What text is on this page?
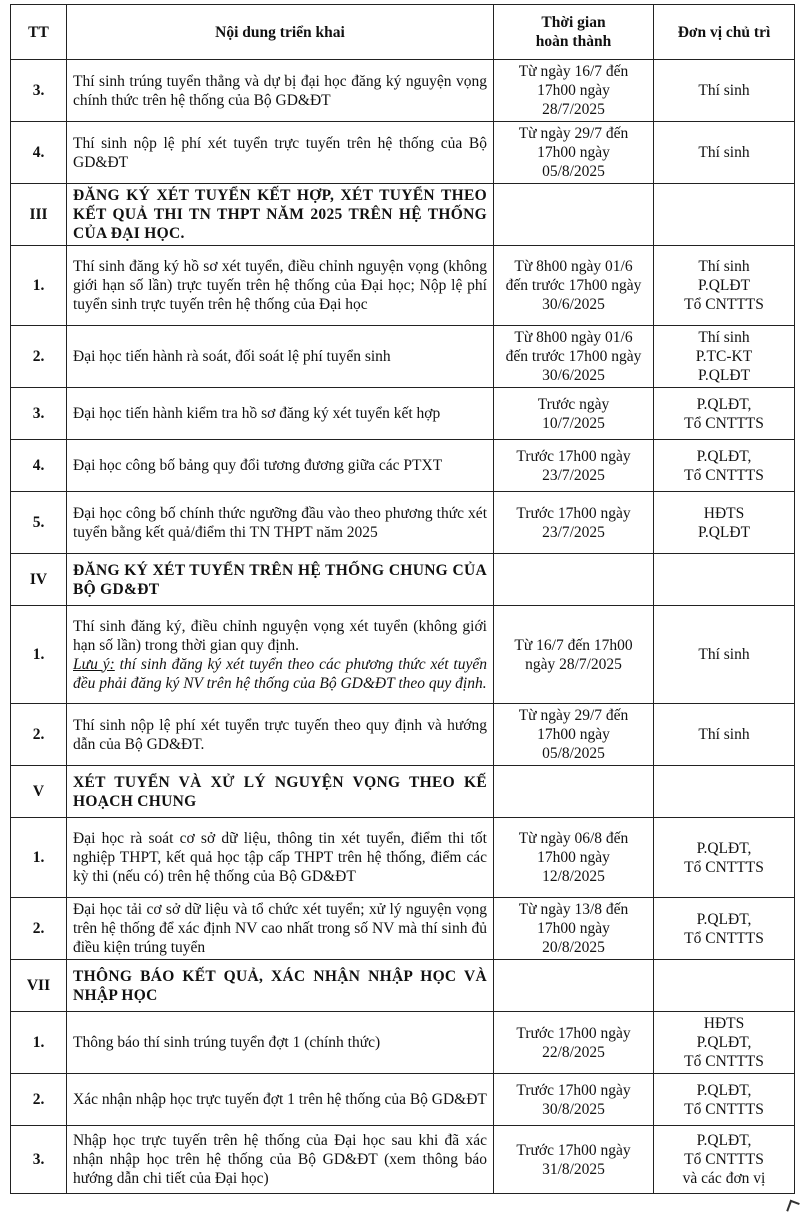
TT	Nội dung triển khai	Thời gian
hoàn thành	Đơn vị chủ trì
3.	Thí sinh trúng tuyển thẳng và dự bị đại học đăng ký nguyện vọng chính thức trên hệ thống của Bộ GD&ĐT	Từ ngày 16/7 đến
17h00 ngày
28/7/2025	Thí sinh

4.	Thí sinh nộp lệ phí xét tuyển trực tuyến trên hệ thống của Bộ GD&ĐT	Từ ngày 29/7 đến
17h00 ngày
05/8/2025	Thí sinh

III	ĐĂNG KÝ XÉT TUYỂN KẾT HỢP, XÉT TUYỂN THEO KẾT QUẢ THI TN THPT NĂM 2025 TRÊN HỆ THỐNG CỦA ĐẠI HỌC.		
1.	Thí sinh đăng ký hồ sơ xét tuyển, điều chỉnh nguyện vọng (không giới hạn số lần) trực tuyến trên hệ thống của Đại học; Nộp lệ phí tuyển sinh trực tuyến trên hệ thống của Đại học	Từ 8h00 ngày 01/6
đến trước 17h00 ngày
30/6/2025	Thí sinh
P.QLĐT
Tổ CNTTTS

2.	Đại học tiến hành rà soát, đối soát lệ phí tuyển sinh	Từ 8h00 ngày 01/6
đến trước 17h00 ngày
30/6/2025	Thí sinh
P.TC-KT
P.QLĐT

3.	Đại học tiến hành kiểm tra hồ sơ đăng ký xét tuyển kết hợp	Trước ngày
10/7/2025	P.QLĐT,
Tổ CNTTTS

4.	Đại học công bố bảng quy đổi tương đương giữa các PTXT	Trước 17h00 ngày
23/7/2025	P.QLĐT,
Tổ CNTTTS

5.	Đại học công bố chính thức ngưỡng đầu vào theo phương thức xét tuyển bằng kết quả/điểm thi TN THPT năm 2025	Trước 17h00 ngày
23/7/2025	HĐTS
P.QLĐT

IV	ĐĂNG KÝ XÉT TUYỂN TRÊN HỆ THỐNG CHUNG CỦA BỘ GD&ĐT		
1.	Thí sinh đăng ký, điều chỉnh nguyện vọng xét tuyển (không giới hạn số lần) trong thời gian quy định.
Lưu ý: thí sinh đăng ký xét tuyển theo các phương thức xét tuyển đều phải đăng ký NV trên hệ thống của Bộ GD&ĐT theo quy định.	Từ 16/7 đến 17h00
ngày 28/7/2025	Thí sinh

2.	Thí sinh nộp lệ phí xét tuyển trực tuyến theo quy định và hướng dẫn của Bộ GD&ĐT.	Từ ngày 29/7 đến
17h00 ngày
05/8/2025	Thí sinh

V	XÉT TUYỂN VÀ XỬ LÝ NGUYỆN VỌNG THEO KẾ HOẠCH CHUNG		
1.	Đại học rà soát cơ sở dữ liệu, thông tin xét tuyển, điểm thi tốt nghiệp THPT, kết quả học tập cấp THPT trên hệ thống, điểm các kỳ thi (nếu có) trên hệ thống của Bộ GD&ĐT	Từ ngày 06/8 đến
17h00 ngày
12/8/2025	P.QLĐT,
Tổ CNTTTS

2.	Đại học tải cơ sở dữ liệu và tổ chức xét tuyển; xử lý nguyện vọng trên hệ thống để xác định NV cao nhất trong số NV mà thí sinh đủ điều kiện trúng tuyển	Từ ngày 13/8 đến
17h00 ngày
20/8/2025	P.QLĐT,
Tổ CNTTTS

VII	THÔNG BÁO KẾT QUẢ, XÁC NHẬN NHẬP HỌC VÀ NHẬP HỌC		
1.	Thông báo thí sinh trúng tuyển đợt 1 (chính thức)	Trước 17h00 ngày
22/8/2025	HĐTS
P.QLĐT,
Tổ CNTTTS

2.	Xác nhận nhập học trực tuyến đợt 1 trên hệ thống của Bộ GD&ĐT	Trước 17h00 ngày
30/8/2025	P.QLĐT,
Tổ CNTTTS

3.	Nhập học trực tuyến trên hệ thống của Đại học sau khi đã xác nhận nhập học trên hệ thống của Bộ GD&ĐT (xem thông báo hướng dẫn chi tiết của Đại học)	Trước 17h00 ngày
31/8/2025	P.QLĐT,
Tổ CNTTTS
và các đơn vị
